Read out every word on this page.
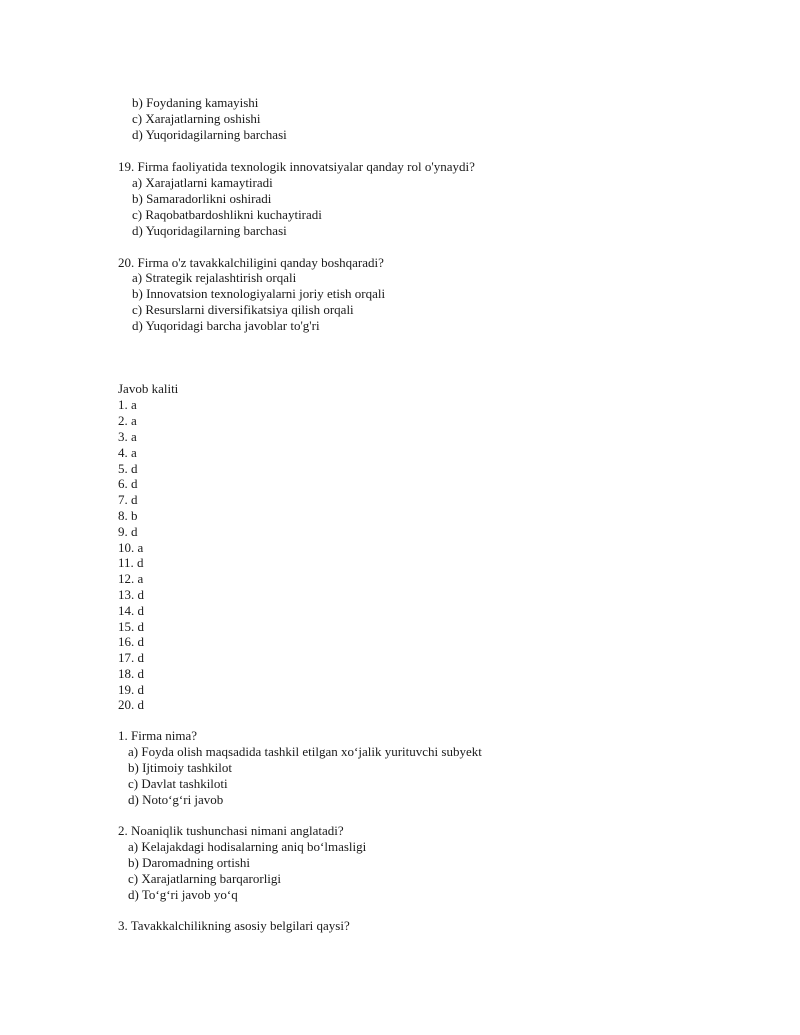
b) Foydaning kamayishi
c) Xarajatlarning oshishi
d) Yuqoridagilarning barchasi
19. Firma faoliyatida texnologik innovatsiyalar qanday rol o'ynaydi?
a) Xarajatlarni kamaytiradi
b) Samaradorlikni oshiradi
c) Raqobatbardoshlikni kuchaytiradi
d) Yuqoridagilarning barchasi
20. Firma o'z tavakkalchiligini qanday boshqaradi?
a) Strategik rejalashtirish orqali
b) Innovatsion texnologiyalarni joriy etish orqali
c) Resurslarni diversifikatsiya qilish orqali
d) Yuqoridagi barcha javoblar to'g'ri
Javob kaliti
1. a
2. a
3. a
4. a
5. d
6. d
7. d
8. b
9. d
10. a
11. d
12. a
13. d
14. d
15. d
16. d
17. d
18. d
19. d
20. d
1. Firma nima?
a) Foyda olish maqsadida tashkil etilgan xo‘jalik yurituvchi subyekt
b) Ijtimoiy tashkilot
c) Davlat tashkiloti
d) Noto‘g‘ri javob
2. Noaniqlik tushunchasi nimani anglatadi?
a) Kelajakdagi hodisalarning aniq bo‘lmasligi
b) Daromadning ortishi
c) Xarajatlarning barqarorligi
d) To‘g‘ri javob yo‘q
3. Tavakkalchilikning asosiy belgilari qaysi?
